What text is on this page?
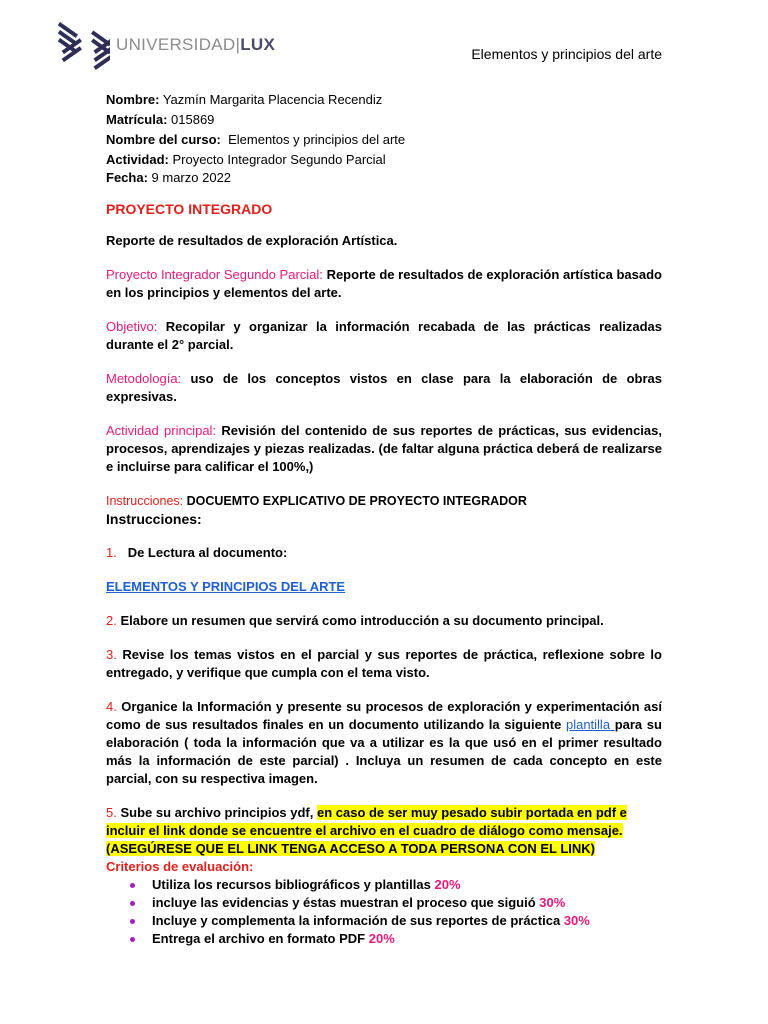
UNIVERSIDAD|LUX	Elementos y principios del arte

Nombre: Yazmín Margarita Placencia Recendiz

Matrícula: 015869

Nombre del curso: Elementos y principios del arte

Actividad: Proyecto Integrador Segundo Parcial

Fecha: 9 marzo 2022

PROYECTO INTEGRADO

Reporte de resultados de exploración Artística.

Proyecto Integrador Segundo Parcial: Reporte de resultados de exploración artística basado en los principios y elementos del arte.

Objetivo: Recopilar y organizar la información recabada de las prácticas realizadas durante el 2° parcial.

Metodología: uso de los conceptos vistos en clase para la elaboración de obras expresivas.

Actividad principal: Revisión del contenido de sus reportes de prácticas, sus evidencias, procesos, aprendizajes y piezas realizadas. (de faltar alguna práctica deberá de realizarse e incluirse para calificar el 100%,)

Instrucciones: DOCUEMTO EXPLICATIVO DE PROYECTO INTEGRADOR

Instrucciones:

1. De Lectura al documento:

ELEMENTOS Y PRINCIPIOS DEL ARTE

2. Elabore un resumen que servirá como introducción a su documento principal.

3. Revise los temas vistos en el parcial y sus reportes de práctica, reflexione sobre lo entregado, y verifique que cumpla con el tema visto.

4. Organice la Información y presente su procesos de exploración y experimentación así como de sus resultados finales en un documento utilizando la siguiente plantilla para su elaboración ( toda la información que va a utilizar es la que usó en el primer resultado más la información de este parcial) . Incluya un resumen de cada concepto en este parcial, con su respectiva imagen.

5. Sube su archivo principios ydf, en caso de ser muy pesado subir portada en pdf e incluir el link donde se encuentre el archivo en el cuadro de diálogo como mensaje. (ASEGÚRESE QUE EL LINK TENGA ACCESO A TODA PERSONA CON EL LINK)

Criterios de evaluación:

Utiliza los recursos bibliográficos y plantillas 20%
incluye las evidencias y éstas muestran el proceso que siguió 30%
Incluye y complementa la información de sus reportes de práctica 30%
Entrega el archivo en formato PDF 20%
